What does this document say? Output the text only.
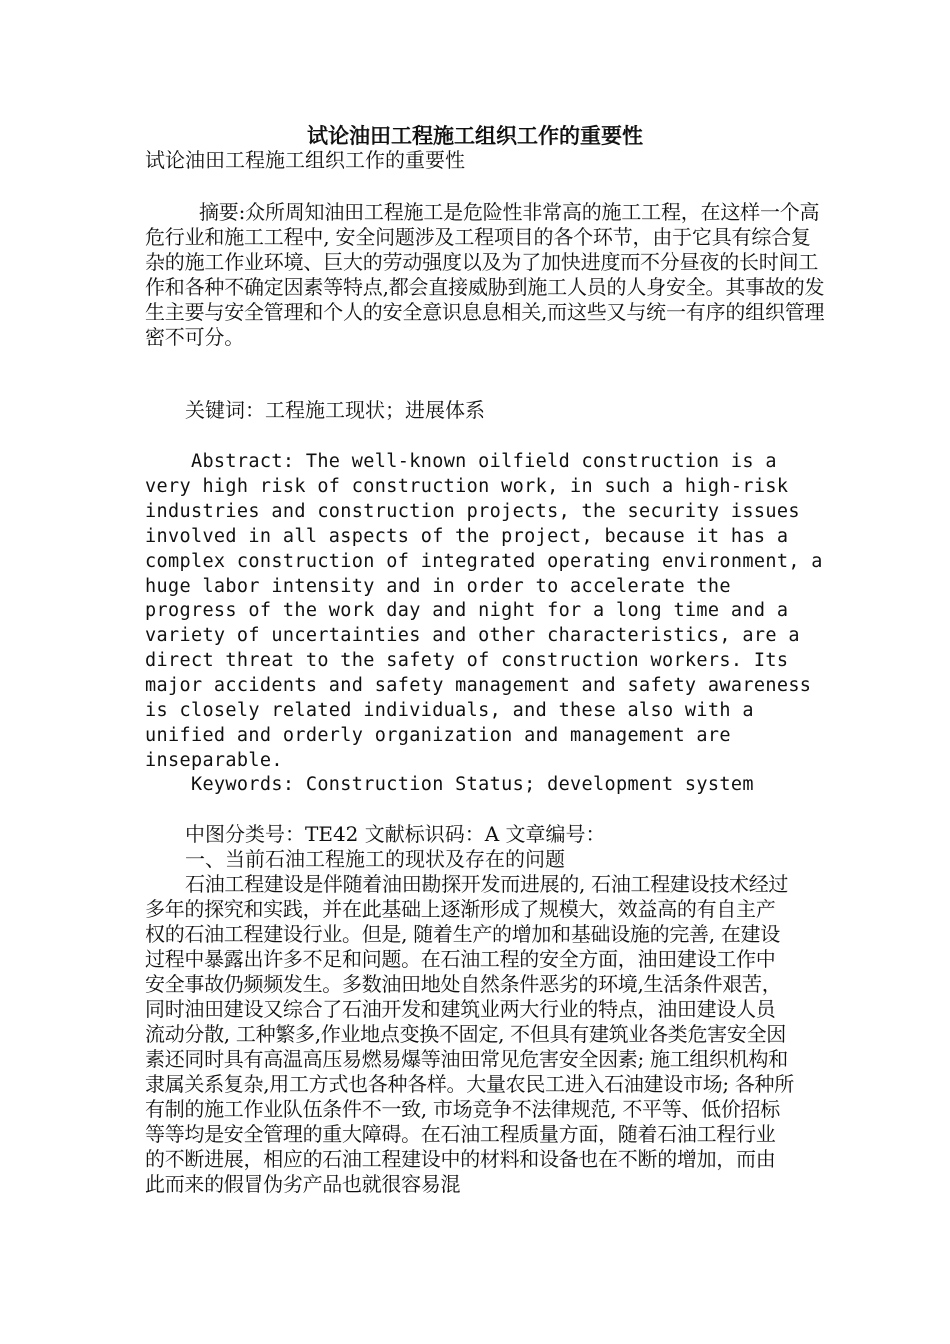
试论油田工程施工组织工作的重要性

试论油田工程施工组织工作的重要性

摘要:众所周知油田工程施工是危险性非常高的施工工程，在这样一个高危行业和施工工程中, 安全问题涉及工程项目的各个环节，由于它具有综合复杂的施工作业环境、巨大的劳动强度以及为了加快进度而不分昼夜的长时间工作和各种不确定因素等特点,都会直接威胁到施工人员的人身安全。其事故的发生主要与安全管理和个人的安全意识息息相关,而这些又与统一有序的组织管理密不可分。

关键词：工程施工现状；进展体系

Abstract: The well-known oilfield construction is a
very high risk of construction work, in such a high-risk
industries and construction projects, the security issues
involved in all aspects of the project, because it has a
complex construction of integrated operating environment, a
huge labor intensity and in order to accelerate the
progress of the work day and night for a long time and a
variety of uncertainties and other characteristics, are a
direct threat to the safety of construction workers. Its
major accidents and safety management and safety awareness
is closely related individuals, and these also with a
unified and orderly organization and management are
inseparable.
Keywords: Construction Status; development system

中图分类号：TE42 文献标识码：A 文章编号：

一、当前石油工程施工的现状及存在的问题

石油工程建设是伴随着油田勘探开发而进展的, 石油工程建设技术经过多年的探究和实践，并在此基础上逐渐形成了规模大，效益高的有自主产权的石油工程建设行业。但是, 随着生产的增加和基础设施的完善, 在建设过程中暴露出许多不足和问题。在石油工程的安全方面，油田建设工作中安全事故仍频频发生。多数油田地处自然条件恶劣的环境,生活条件艰苦，同时油田建设又综合了石油开发和建筑业两大行业的特点，油田建设人员流动分散, 工种繁多,作业地点变换不固定, 不但具有建筑业各类危害安全因素还同时具有高温高压易燃易爆等油田常见危害安全因素; 施工组织机构和隶属关系复杂,用工方式也各种各样。大量农民工进入石油建设市场; 各种所有制的施工作业队伍条件不一致, 市场竞争不法律规范, 不平等、低价招标等等均是安全管理的重大障碍。在石油工程质量方面，随着石油工程行业的不断进展，相应的石油工程建设中的材料和设备也在不断的增加，而由此而来的假冒伪劣产品也就很容易混
